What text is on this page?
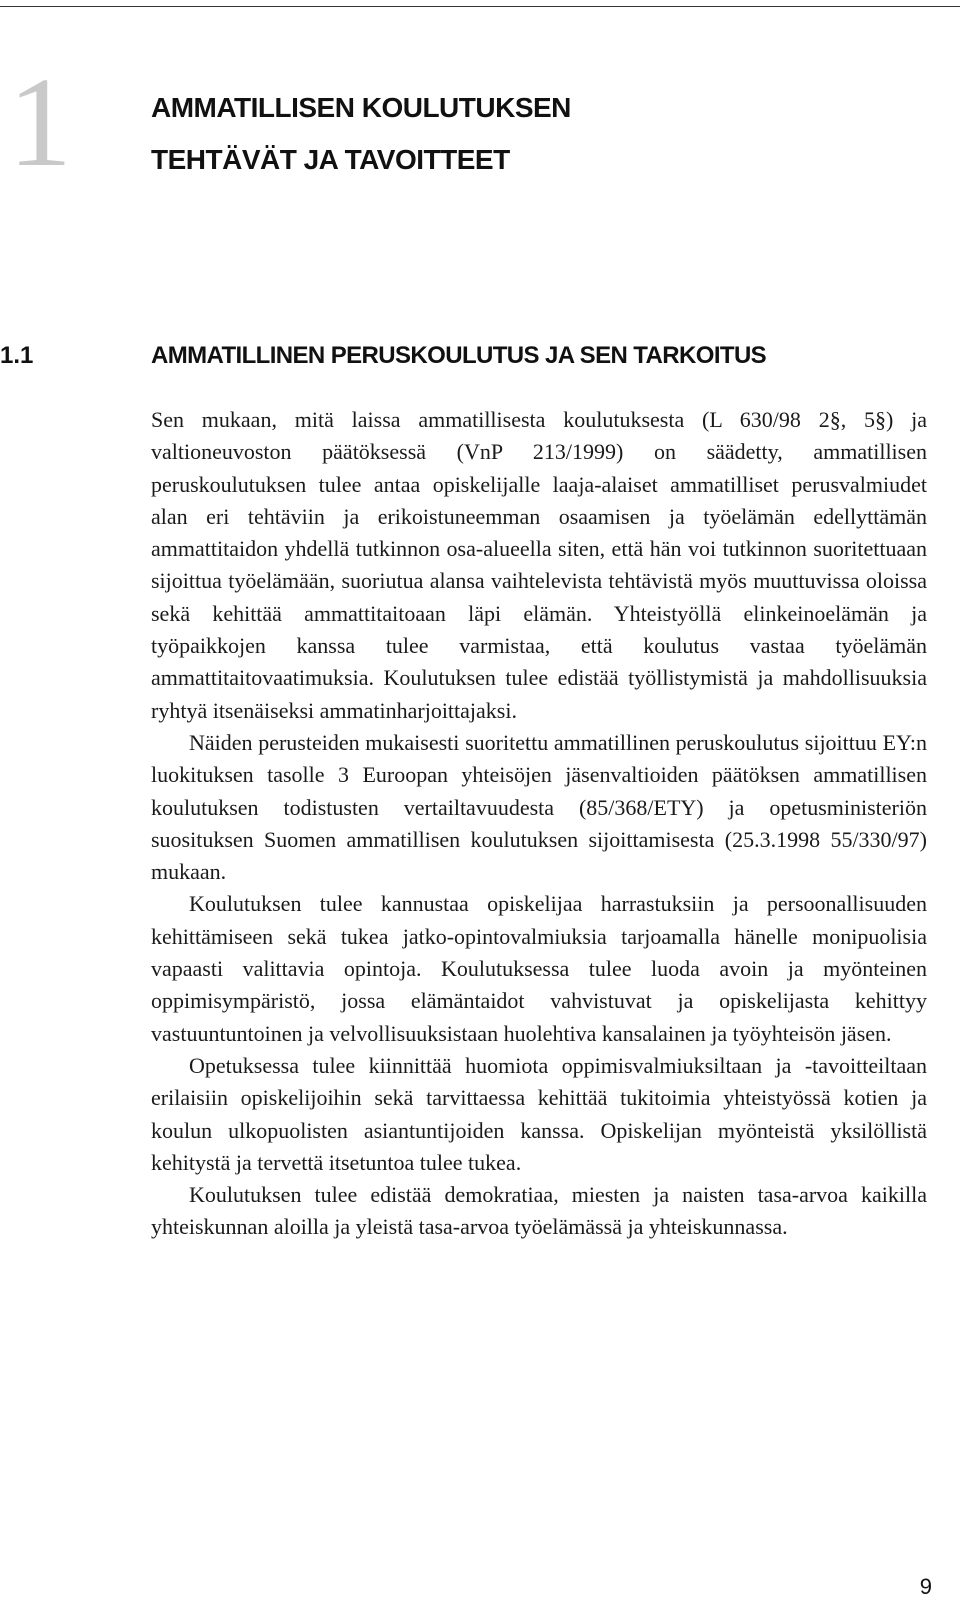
1	AMMATILLISEN KOULUTUKSEN
TEHTÄVÄT JA TAVOITTEET
1.1	AMMATILLINEN PERUSKOULUTUS JA SEN TARKOITUS

Sen mukaan, mitä laissa ammatillisesta koulutuksesta (L 630/98 2§, 5§) ja valtioneuvoston päätöksessä (VnP 213/1999) on säädetty, ammatillisen peruskoulutuksen tulee antaa opiskelijalle laaja-alaiset ammatilliset perusvalmiudet alan eri tehtäviin ja erikoistuneemman osaamisen ja työelämän edellyttämän ammattitaidon yhdellä tutkinnon osa-alueella siten, että hän voi tutkinnon suoritettuaan sijoittua työelämään, suoriutua alansa vaihtelevista tehtävistä myös muuttuvissa oloissa sekä kehittää ammattitaitoaan läpi elämän. Yhteistyöllä elinkeinoelämän ja työpaikkojen kanssa tulee varmistaa, että koulutus vastaa työelämän ammattitaitovaatimuksia. Koulutuksen tulee edistää työllistymistä ja mahdollisuuksia ryhtyä itsenäiseksi ammatinharjoittajaksi.

Näiden perusteiden mukaisesti suoritettu ammatillinen peruskoulutus sijoittuu EY:n luokituksen tasolle 3 Euroopan yhteisöjen jäsenvaltioiden päätöksen ammatillisen koulutuksen todistusten vertailtavuudesta (85/368/ETY) ja opetusministeriön suosituksen Suomen ammatillisen koulutuksen sijoittamisesta (25.3.1998 55/330/97) mukaan.

Koulutuksen tulee kannustaa opiskelijaa harrastuksiin ja persoonallisuuden kehittämiseen sekä tukea jatko-opintovalmiuksia tarjoamalla hänelle monipuolisia vapaasti valittavia opintoja. Koulutuksessa tulee luoda avoin ja myönteinen oppimisympäristö, jossa elämäntaidot vahvistuvat ja opiskelijasta kehittyy vastuuntuntoinen ja velvollisuuksistaan huolehtiva kansalainen ja työyhteisön jäsen.

Opetuksessa tulee kiinnittää huomiota oppimisvalmiuksiltaan ja -tavoitteiltaan erilaisiin opiskelijoihin sekä tarvittaessa kehittää tukitoimia yhteistyössä kotien ja koulun ulkopuolisten asiantuntijoiden kanssa. Opiskelijan myönteistä yksilöllistä kehitystä ja tervettä itsetuntoa tulee tukea.

Koulutuksen tulee edistää demokratiaa, miesten ja naisten tasa-arvoa kaikilla yhteiskunnan aloilla ja yleistä tasa-arvoa työelämässä ja yhteiskunnassa.

9
